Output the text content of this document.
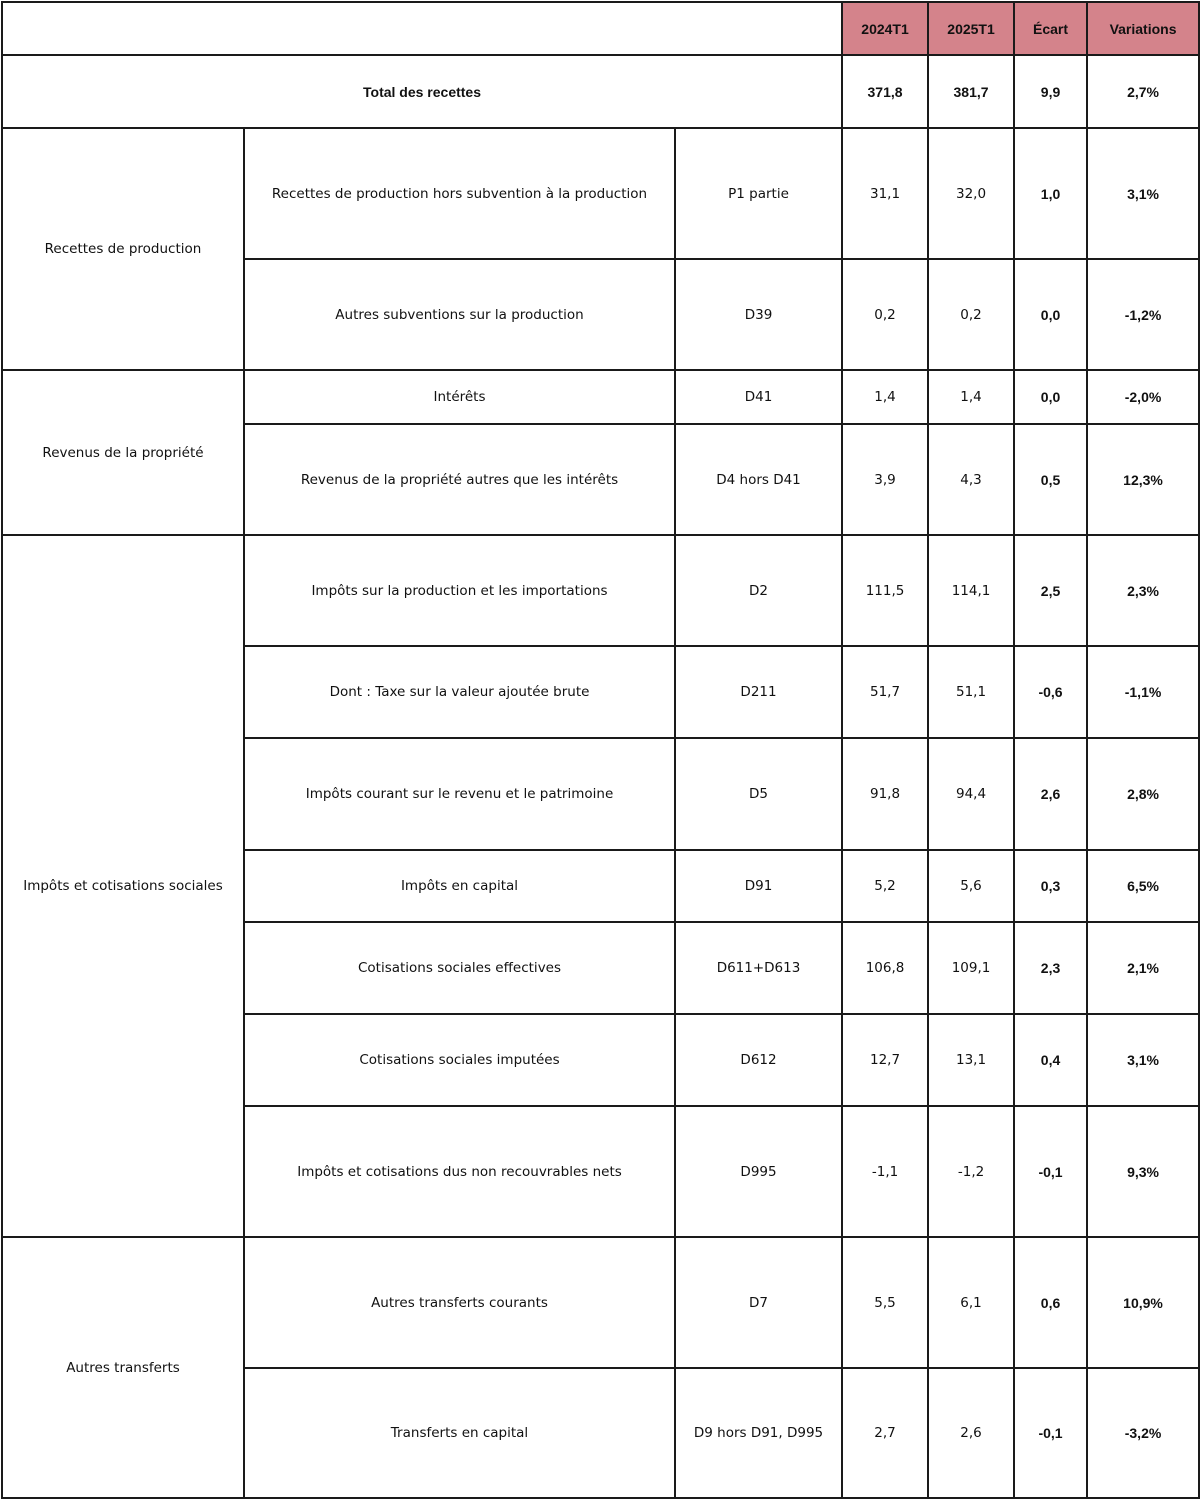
			2024T1	2025T1	Écart	Variations
Total des recettes			371,8	381,7	9,9	2,7%
Recettes de production	Recettes de production hors subvention à la production	P1 partie	31,1	32,0	1,0	3,1%
	Autres subventions sur la production	D39	0,2	0,2	0,0	-1,2%
Revenus de la propriété	Intérêts	D41	1,4	1,4	0,0	-2,0%
	Revenus de la propriété autres que les intérêts	D4 hors D41	3,9	4,3	0,5	12,3%
Impôts et cotisations sociales	Impôts sur la production et les importations	D2	111,5	114,1	2,5	2,3%
	Dont : Taxe sur la valeur ajoutée brute	D211	51,7	51,1	-0,6	-1,1%
	Impôts courant sur le revenu et le patrimoine	D5	91,8	94,4	2,6	2,8%
	Impôts en capital	D91	5,2	5,6	0,3	6,5%
	Cotisations sociales effectives	D611+D613	106,8	109,1	2,3	2,1%
	Cotisations sociales imputées	D612	12,7	13,1	0,4	3,1%
	Impôts et cotisations dus non recouvrables nets	D995	-1,1	-1,2	-0,1	9,3%
Autres transferts	Autres transferts courants	D7	5,5	6,1	0,6	10,9%
	Transferts en capital	D9 hors D91, D995	2,7	2,6	-0,1	-3,2%
